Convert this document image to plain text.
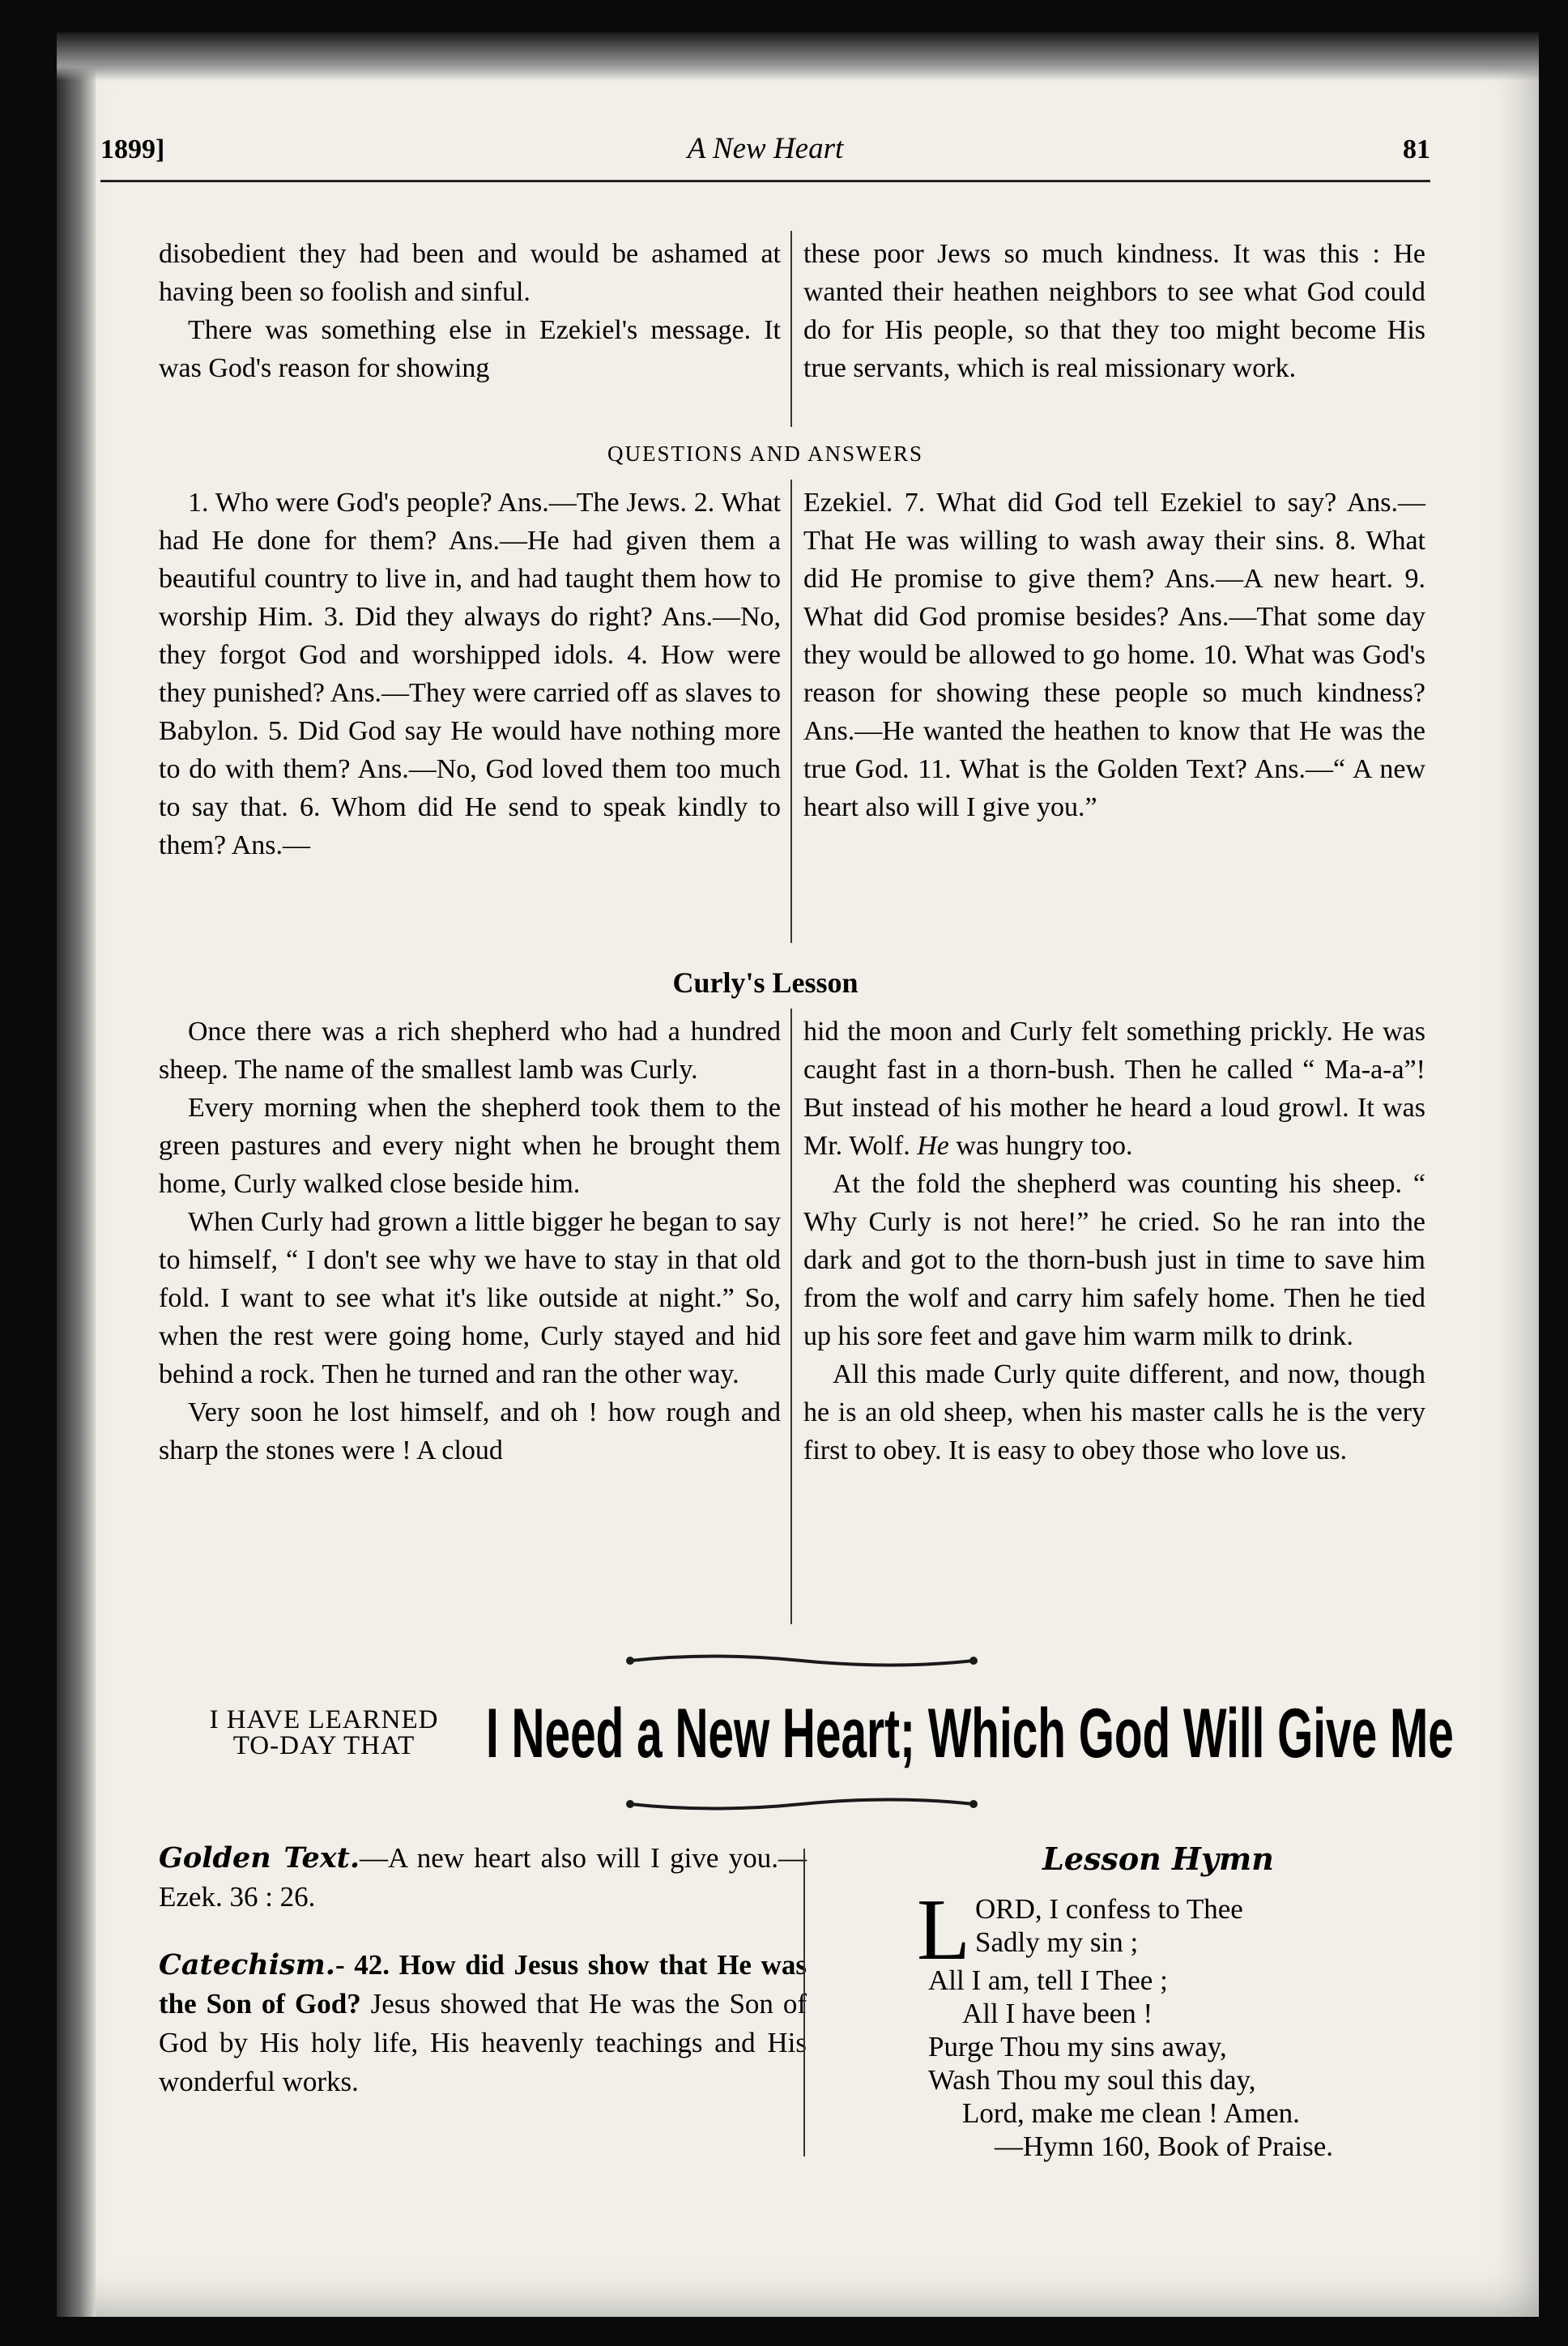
1899]	A New Heart	81

disobedient they had been and would be ashamed at having been so foolish and sinful.

There was something else in Ezekiel's message. It was God's reason for showing

these poor Jews so much kindness. It was this : He wanted their heathen neighbors to see what God could do for His people, so that they too might become His true servants, which is real missionary work.

QUESTIONS AND ANSWERS

1. Who were God's people? Ans.—The Jews. 2. What had He done for them? Ans.—He had given them a beautiful country to live in, and had taught them how to worship Him. 3. Did they always do right? Ans.—No, they forgot God and worshipped idols. 4. How were they punished? Ans.—They were carried off as slaves to Babylon. 5. Did God say He would have nothing more to do with them? Ans.—No, God loved them too much to say that. 6. Whom did He send to speak kindly to them? Ans.—

Ezekiel. 7. What did God tell Ezekiel to say? Ans.—That He was willing to wash away their sins. 8. What did He promise to give them? Ans.—A new heart. 9. What did God promise besides? Ans.—That some day they would be allowed to go home. 10. What was God's reason for showing these people so much kindness? Ans.—He wanted the heathen to know that He was the true God. 11. What is the Golden Text? Ans.—“ A new heart also will I give you.”

Curly's Lesson

Once there was a rich shepherd who had a hundred sheep. The name of the smallest lamb was Curly.

Every morning when the shepherd took them to the green pastures and every night when he brought them home, Curly walked close beside him.

When Curly had grown a little bigger he began to say to himself, “ I don't see why we have to stay in that old fold. I want to see what it's like outside at night.” So, when the rest were going home, Curly stayed and hid behind a rock. Then he turned and ran the other way.

Very soon he lost himself, and oh ! how rough and sharp the stones were ! A cloud

hid the moon and Curly felt something prickly. He was caught fast in a thorn-bush. Then he called “ Ma-a-a”! But instead of his mother he heard a loud growl. It was Mr. Wolf. He was hungry too.

At the fold the shepherd was counting his sheep. “ Why Curly is not here!” he cried. So he ran into the dark and got to the thorn-bush just in time to save him from the wolf and carry him safely home. Then he tied up his sore feet and gave him warm milk to drink.

All this made Curly quite different, and now, though he is an old sheep, when his master calls he is the very first to obey. It is easy to obey those who love us.

I HAVE LEARNED
TO-DAY THAT	I Need a New Heart; Which God Will Give Me

Golden Text.—A new heart also will I give you.—Ezek. 36 : 26.

Catechism.- 42. How did Jesus show that He was the Son of God? Jesus showed that He was the Son of God by His holy life, His heavenly teachings and His wonderful works.

Lesson Hymn
L ORD, I confess to Thee
Sadly my sin ;
All I am, tell I Thee ;
All I have been !
Purge Thou my sins away,
Wash Thou my soul this day,
Lord, make me clean ! Amen.
—Hymn 160, Book of Praise.
